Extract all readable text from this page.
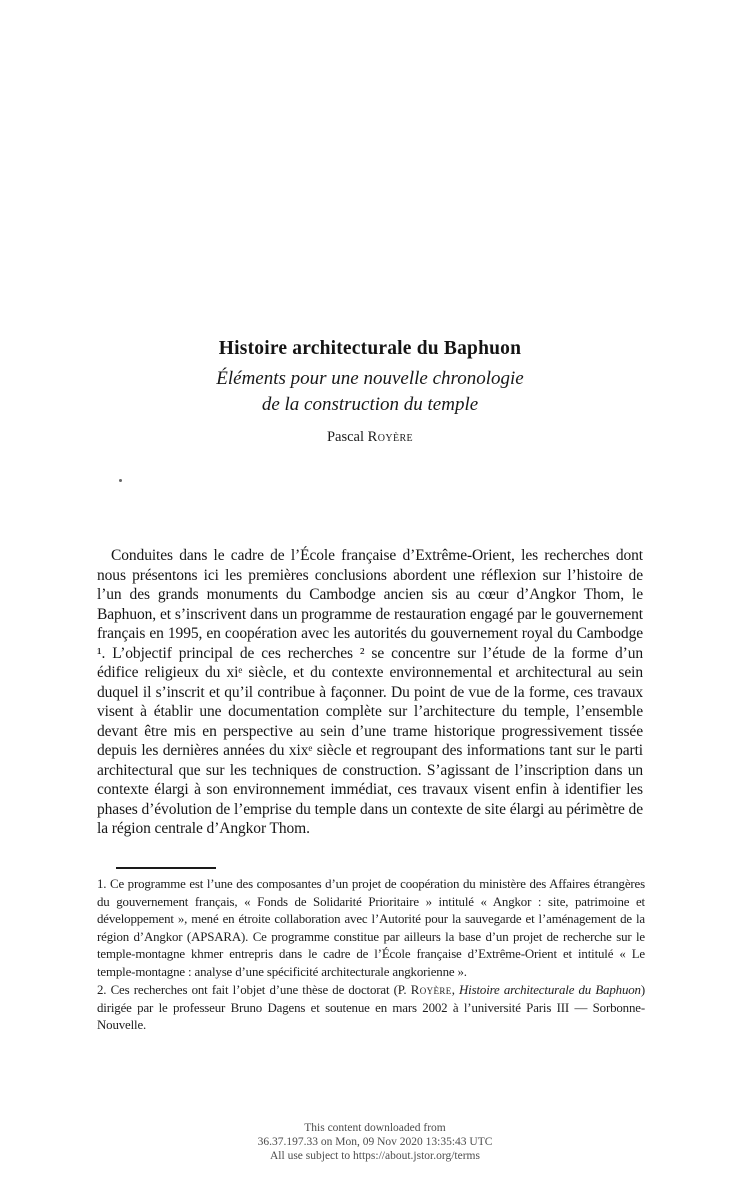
Histoire architecturale du Baphuon
Éléments pour une nouvelle chronologie
de la construction du temple
Pascal Royère

Conduites dans le cadre de l’École française d’Extrême-Orient, les recherches dont nous présentons ici les premières conclusions abordent une réflexion sur l’histoire de l’un des grands monuments du Cambodge ancien sis au cœur d’Angkor Thom, le Baphuon, et s’inscrivent dans un programme de restauration engagé par le gouvernement français en 1995, en coopération avec les autorités du gouvernement royal du Cambodge ¹. L’objectif principal de ces recherches ² se concentre sur l’étude de la forme d’un édifice religieux du xiᵉ siècle, et du contexte environnemental et architectural au sein duquel il s’inscrit et qu’il contribue à façonner. Du point de vue de la forme, ces travaux visent à établir une documentation complète sur l’architecture du temple, l’ensemble devant être mis en perspective au sein d’une trame historique progressivement tissée depuis les dernières années du xixᵉ siècle et regroupant des informations tant sur le parti architectural que sur les techniques de construction. S’agissant de l’inscription dans un contexte élargi à son environnement immédiat, ces travaux visent enfin à identifier les phases d’évolution de l’emprise du temple dans un contexte de site élargi au périmètre de la région centrale d’Angkor Thom.

1. Ce programme est l’une des composantes d’un projet de coopération du ministère des Affaires étrangères du gouvernement français, « Fonds de Solidarité Prioritaire » intitulé « Angkor : site, patrimoine et développement », mené en étroite collaboration avec l’Autorité pour la sauvegarde et l’aménagement de la région d’Angkor (APSARA). Ce programme constitue par ailleurs la base d’un projet de recherche sur le temple-montagne khmer entrepris dans le cadre de l’École française d’Extrême-Orient et intitulé « Le temple-montagne : analyse d’une spécificité architecturale angkorienne ».

2. Ces recherches ont fait l’objet d’une thèse de doctorat (P. Royère, Histoire architecturale du Baphuon) dirigée par le professeur Bruno Dagens et soutenue en mars 2002 à l’université Paris III — Sorbonne-Nouvelle.

This content downloaded from
36.37.197.33 on Mon, 09 Nov 2020 13:35:43 UTC
All use subject to https://about.jstor.org/terms
